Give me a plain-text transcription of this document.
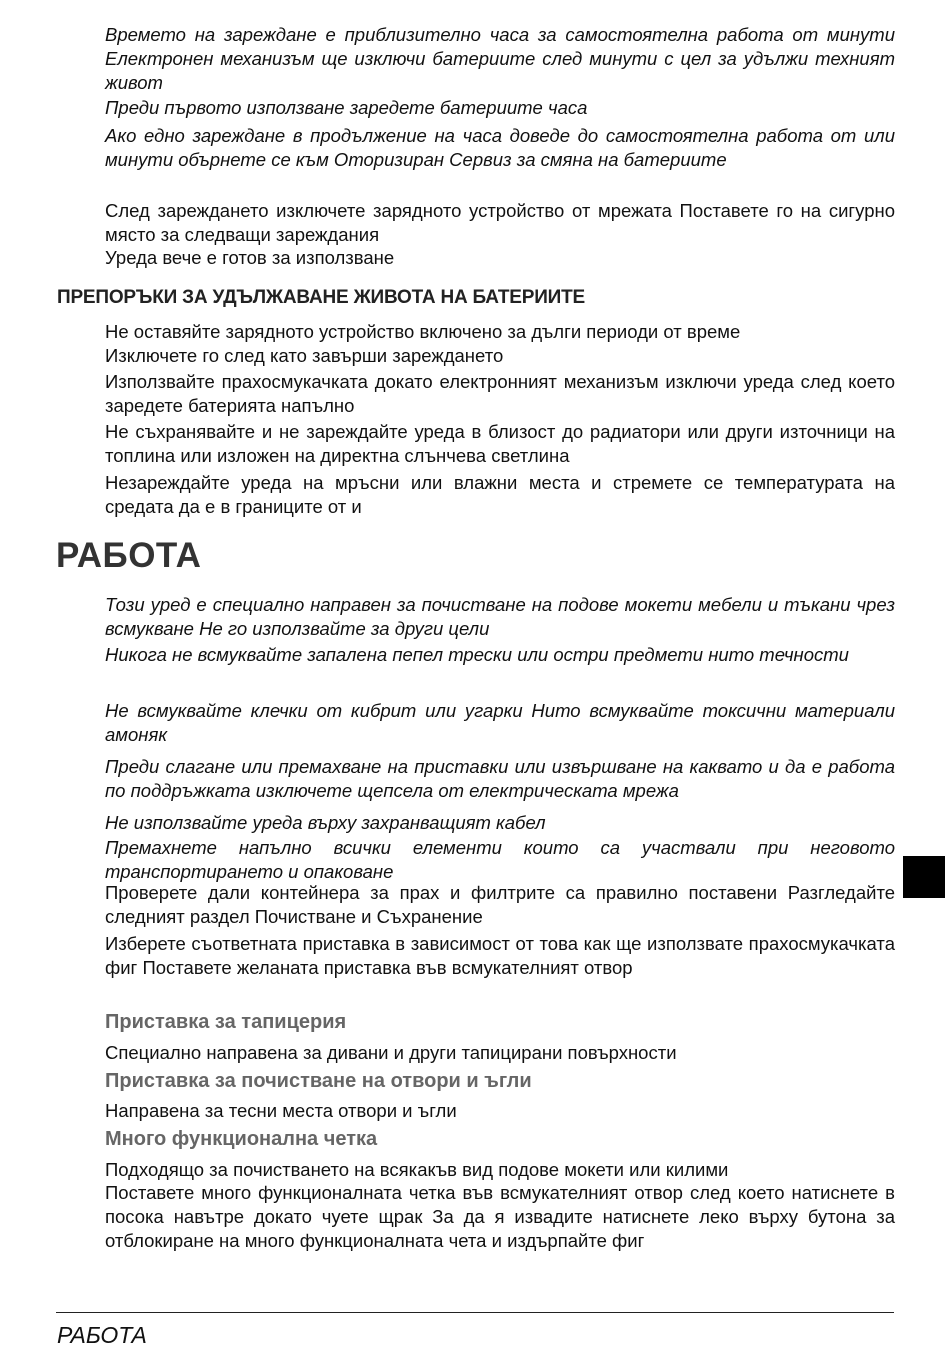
Времето на зареждане е приблизително часа за самостоятелна работа от минути Електронен механизъм ще изключи батериите след минути с цел за удължи техният живот

Преди първото използване заредете батериите часа

Ако едно зареждане в продължение на часа доведе до самостоятелна работа от или минути обърнете се към Оторизиран Сервиз за смяна на батериите

След зареждането изключете зарядното устройство от мрежата Поставете го на сигурно място за следващи зареждания

Уреда вече е готов за използване

ПРЕПОРЪКИ ЗА УДЪЛЖАВАНЕ ЖИВОТА НА БАТЕРИИТЕ

Не оставяйте зарядното устройство включено за дълги периоди от време

Изключете го след като завърши зареждането

Използвайте прахосмукачката докато електронният механизъм изключи уреда след което заредете батерията напълно

Не съхранявайте и не зареждайте уреда в близост до радиатори или други източници на топлина или изложен на директна слънчева светлина

Незареждайте уреда на мръсни или влажни места и стремете се температурата на средата да е в границите от и

РАБОТА

Този уред е специално направен за почистване на подове мокети мебели и тъкани чрез всмукване Не го използвайте за други цели

Никога не всмуквайте запалена пепел трески или остри предмети нито течности

Не всмуквайте клечки от кибрит или угарки Нито всмуквайте токсични материали амоняк

Преди слагане или премахване на приставки или извършване на каквато и да е работа по поддръжката изключете щепсела от електрическата мрежа

Не използвайте уреда върху захранващият кабел

Премахнете напълно всички елементи които са участвали при неговото транспортирането и опаковане

Проверете дали контейнера за прах и филтрите са правилно поставени Разгледайте следният раздел Почистване и Съхранение

Изберете съответната приставка в зависимост от това как ще използвате прахосмукачката фиг Поставете желаната приставка във всмукателният отвор

Приставка за тапицерия

Специално направена за дивани и други тапицирани повърхности

Приставка за почистване на отвори и ъгли

Направена за тесни места отвори и ъгли

Много функционална четка

Подходящо за почистването на всякакъв вид подове мокети или килими

Поставете много функционалната четка във всмукателният отвор след което натиснете в посока навътре докато чуете щрак За да я извадите натиснете леко върху бутона за отблокиране на много функционалната чета и издърпайте фиг

РАБОТА
